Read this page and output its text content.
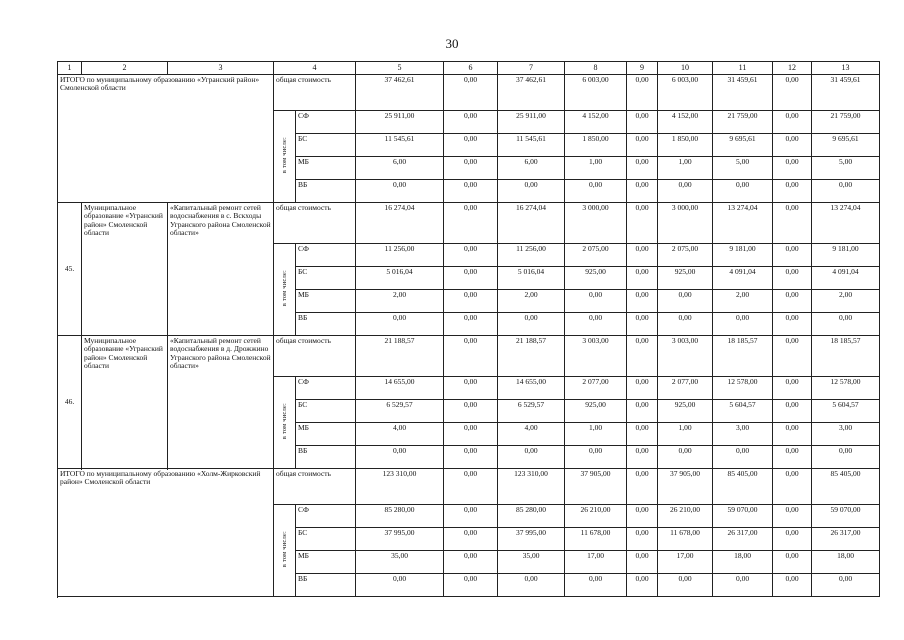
30
1	2	3	4		5	6	7	8	9	10	11	12	13
ИТОГО по муниципальному образованию «Угранский район» Смоленской области			общая стоимость		37 462,61	0,00	37 462,61	6 003,00	0,00	6 003,00	31 459,61	0,00	31 459,61
			в том числе:	СФ	25 911,00	0,00	25 911,00	4 152,00	0,00	4 152,00	21 759,00	0,00	21 759,00
				БС	11 545,61	0,00	11 545,61	1 850,00	0,00	1 850,00	9 695,61	0,00	9 695,61
				МБ	6,00	0,00	6,00	1,00	0,00	1,00	5,00	0,00	5,00
				ВБ	0,00	0,00	0,00	0,00	0,00	0,00	0,00	0,00	0,00

45.	Муниципальное образование «Угранский район» Смоленской области	«Капитальный ремонт сетей водоснабжения в с. Вскходы Угранского района Смоленской области»	общая стоимость		16 274,04	0,00	16 274,04	3 000,00	0,00	3 000,00	13 274,04	0,00	13 274,04
			в том числе:	СФ	11 256,00	0,00	11 256,00	2 075,00	0,00	2 075,00	9 181,00	0,00	9 181,00
				БС	5 016,04	0,00	5 016,04	925,00	0,00	925,00	4 091,04	0,00	4 091,04
				МБ	2,00	0,00	2,00	0,00	0,00	0,00	2,00	0,00	2,00
				ВБ	0,00	0,00	0,00	0,00	0,00	0,00	0,00	0,00	0,00

46.	Муниципальное образование «Угранский район» Смоленской области	«Капитальный ремонт сетей водоснабжения в д. Дрожжино Угранского района Смоленской области»	общая стоимость		21 188,57	0,00	21 188,57	3 003,00	0,00	3 003,00	18 185,57	0,00	18 185,57
			в том числе:	СФ	14 655,00	0,00	14 655,00	2 077,00	0,00	2 077,00	12 578,00	0,00	12 578,00
				БС	6 529,57	0,00	6 529,57	925,00	0,00	925,00	5 604,57	0,00	5 604,57
				МБ	4,00	0,00	4,00	1,00	0,00	1,00	3,00	0,00	3,00
				ВБ	0,00	0,00	0,00	0,00	0,00	0,00	0,00	0,00	0,00

ИТОГО по муниципальному образованию «Холм-Жирковский район» Смоленской области			общая стоимость		123 310,00	0,00	123 310,00	37 905,00	0,00	37 905,00	85 405,00	0,00	85 405,00
			в том числе:	СФ	85 280,00	0,00	85 280,00	26 210,00	0,00	26 210,00	59 070,00	0,00	59 070,00
				БС	37 995,00	0,00	37 995,00	11 678,00	0,00	11 678,00	26 317,00	0,00	26 317,00
				МБ	35,00	0,00	35,00	17,00	0,00	17,00	18,00	0,00	18,00
				ВБ	0,00	0,00	0,00	0,00	0,00	0,00	0,00	0,00	0,00
